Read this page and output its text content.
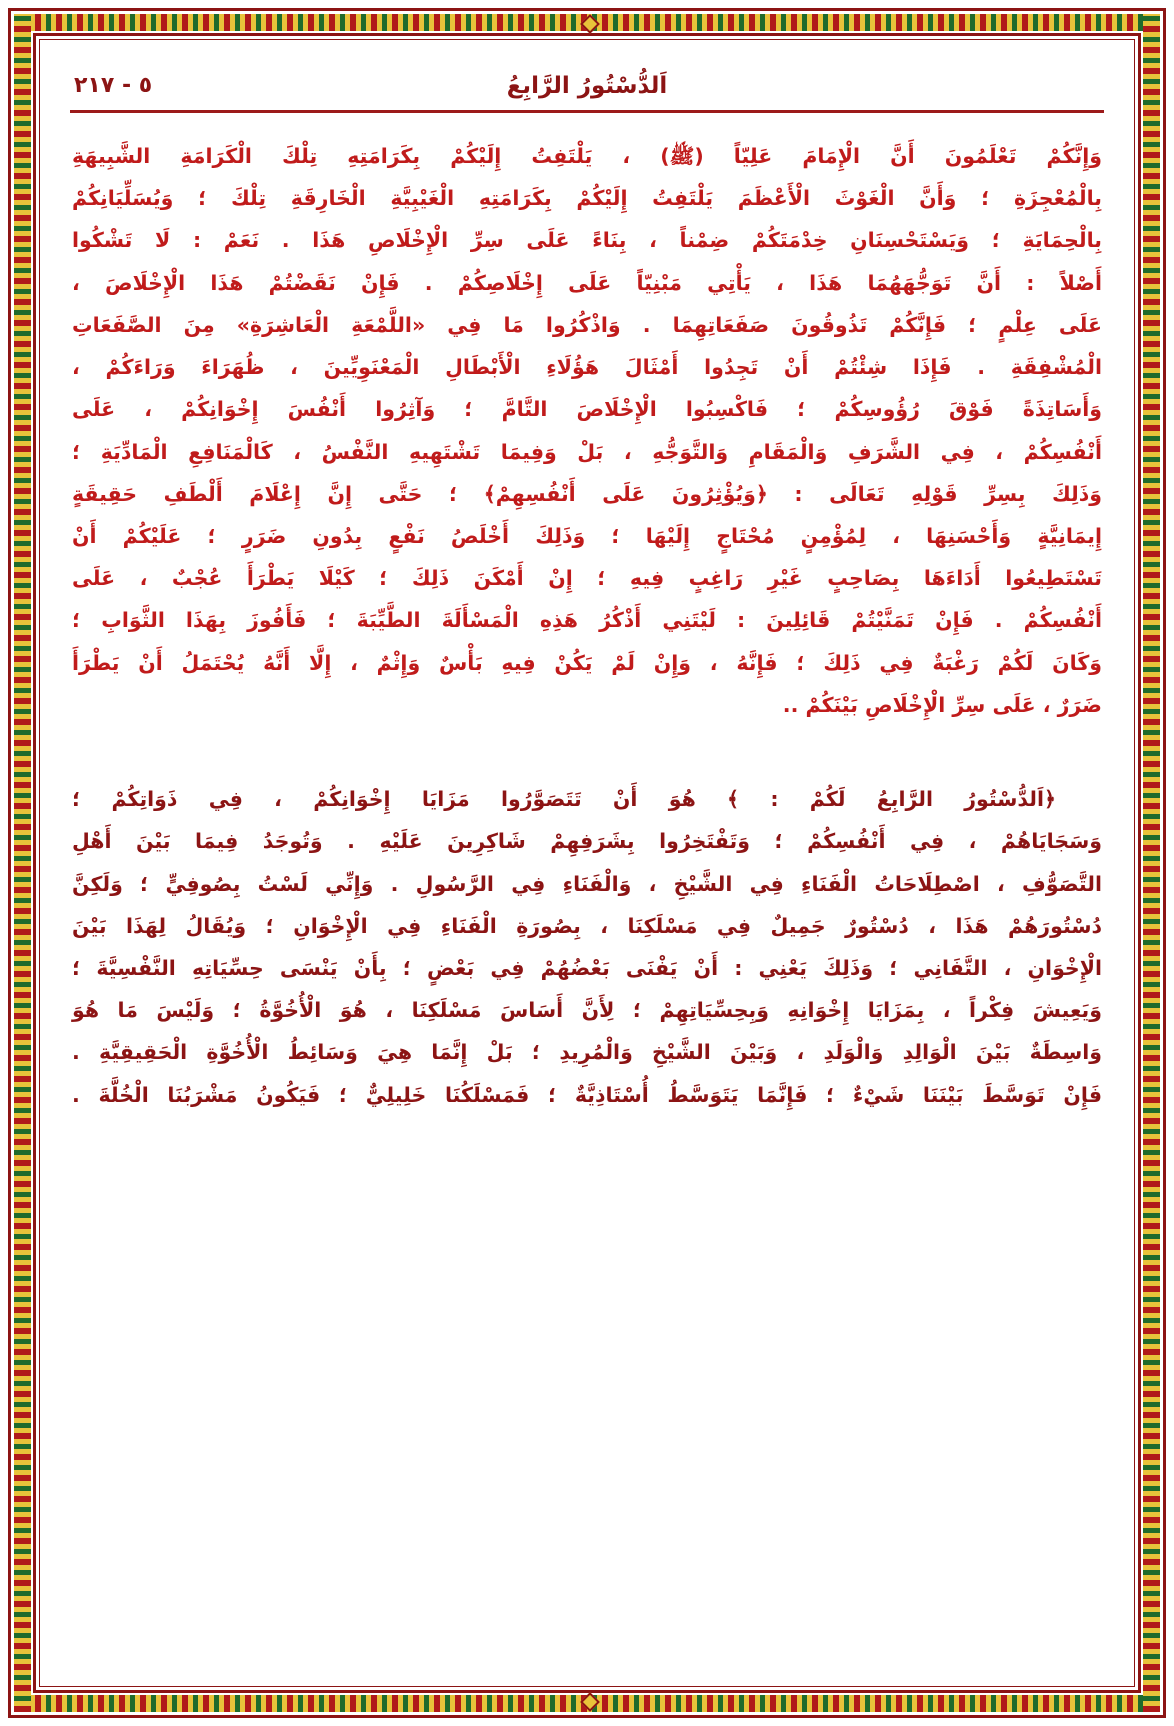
٥ - ٢١٧	اَلدُّسْتُورُ الرَّابِعُ

وَإِنَّكُمْ تَعْلَمُونَ أَنَّ الْإِمَامَ عَلِيّاً (ﷺ) ، يَلْتَفِتُ إِلَيْكُمْ بِكَرَامَتِهِ تِلْكَ الْكَرَامَةِ الشَّبِيهَةِ

بِالْمُعْجِزَةِ ؛ وَأَنَّ الْغَوْثَ الْأَعْظَمَ يَلْتَفِتُ إِلَيْكُمْ بِكَرَامَتِهِ الْغَيْبِيَّةِ الْخَارِقَةِ تِلْكَ ؛ وَيُسَلِّيَانِكُمْ

بِالْحِمَايَةِ ؛ وَيَسْتَحْسِنَانِ خِدْمَتَكُمْ ضِمْناً ، بِنَاءً عَلَى سِرِّ الْإِخْلَاصِ هَذَا . نَعَمْ : لَا تَشْكُوا

أَصْلاً : أَنَّ تَوَجُّهَهُمَا هَذَا ، يَأْتِي مَبْنِيّاً عَلَى إِخْلَاصِكُمْ . فَإِنْ نَقَضْتُمْ هَذَا الْإِخْلَاصَ ،

عَلَى عِلْمٍ ؛ فَإِنَّكُمْ تَذُوقُونَ صَفَعَاتِهِمَا . وَاذْكُرُوا مَا فِي «اللَّمْعَةِ الْعَاشِرَةِ» مِنَ الصَّفَعَاتِ

الْمُشْفِقَةِ . فَإِذَا شِئْتُمْ أَنْ تَجِدُوا أَمْثَالَ هَؤُلَاءِ الْأَبْطَالِ الْمَعْنَوِيِّينَ ، ظُهَرَاءَ وَرَاءَكُمْ ،

وَأَسَاتِذَةً فَوْقَ رُؤُوسِكُمْ ؛ فَاكْسِبُوا الْإِخْلَاصَ التَّامَّ ؛ وَآثِرُوا أَنْفُسَ إِخْوَانِكُمْ ، عَلَى

أَنْفُسِكُمْ ، فِي الشَّرَفِ وَالْمَقَامِ وَالتَّوَجُّهِ ، بَلْ وَفِيمَا تَشْتَهِيهِ النَّفْسُ ، كَالْمَنَافِعِ الْمَادِّيَةِ ؛

وَذَلِكَ بِسِرِّ قَوْلِهِ تَعَالَى : ﴿وَيُؤْثِرُونَ عَلَى أَنْفُسِهِمْ﴾ ؛ حَتَّى إِنَّ إِعْلَامَ أَلْطَفِ حَقِيقَةٍ

إِيمَانِيَّةٍ وَأَحْسَنِهَا ، لِمُؤْمِنٍ مُحْتَاجٍ إِلَيْهَا ؛ وَذَلِكَ أَخْلَصُ نَفْعٍ بِدُونِ ضَرَرٍ ؛ عَلَيْكُمْ أَنْ

تَسْتَطِيعُوا أَدَاءَهَا بِصَاحِبٍ غَيْرِ رَاغِبٍ فِيهِ ؛ إِنْ أَمْكَنَ ذَلِكَ ؛ كَيْلَا يَطْرَأَ عُجْبٌ ، عَلَى

أَنْفُسِكُمْ . فَإِنْ تَمَنَّيْتُمْ قَائِلِينَ : لَيْتَنِي أَذْكُرُ هَذِهِ الْمَسْأَلَةَ الطَّيِّبَةَ ؛ فَأَفُوزَ بِهَذَا الثَّوَابِ ؛

وَكَانَ لَكُمْ رَغْبَةٌ فِي ذَلِكَ ؛ فَإِنَّهُ ، وَإِنْ لَمْ يَكُنْ فِيهِ بَأْسٌ وَإِثْمٌ ، إِلَّا أَنَّهُ يُحْتَمَلُ أَنْ يَطْرَأَ

ضَرَرٌ ، عَلَى سِرِّ الْإِخْلَاصِ بَيْنَكُمْ ..

﴿اَلدُّسْتُورُ الرَّابِعُ لَكُمْ : ﴾ هُوَ أَنْ تَتَصَوَّرُوا مَزَايَا إِخْوَانِكُمْ ، فِي ذَوَاتِكُمْ ؛

وَسَجَايَاهُمْ ، فِي أَنْفُسِكُمْ ؛ وَتَفْتَخِرُوا بِشَرَفِهِمْ شَاكِرِينَ عَلَيْهِ . وَتُوجَدُ فِيمَا بَيْنَ أَهْلِ

التَّصَوُّفِ ، اصْطِلَاحَاتُ الْفَنَاءِ فِي الشَّيْخِ ، وَالْفَنَاءِ فِي الرَّسُولِ . وَإِنِّي لَسْتُ بِصُوفِيٍّ ؛ وَلَكِنَّ

دُسْتُورَهُمْ هَذَا ، دُسْتُورٌ جَمِيلٌ فِي مَسْلَكِنَا ، بِصُورَةِ الْفَنَاءِ فِي الْإِخْوَانِ ؛ وَيُقَالُ لِهَذَا بَيْنَ

الْإِخْوَانِ ، التَّفَانِي ؛ وَذَلِكَ يَعْنِي : أَنْ يَفْنَى بَعْضُهُمْ فِي بَعْضٍ ؛ بِأَنْ يَنْسَى حِسِّيَاتِهِ النَّفْسِيَّةَ ؛

وَيَعِيشَ فِكْراً ، بِمَزَايَا إِخْوَانِهِ وَبِحِسِّيَاتِهِمْ ؛ لِأَنَّ أَسَاسَ مَسْلَكِنَا ، هُوَ الْأُخُوَّةُ ؛ وَلَيْسَ مَا هُوَ

وَاسِطَةٌ بَيْنَ الْوَالِدِ وَالْوَلَدِ ، وَبَيْنَ الشَّيْخِ وَالْمُرِيدِ ؛ بَلْ إِنَّمَا هِيَ وَسَائِطُ الْأُخُوَّةِ الْحَقِيقِيَّةِ .

فَإِنْ تَوَسَّطَ بَيْنَنَا شَيْءٌ ؛ فَإِنَّمَا يَتَوَسَّطُ أُسْتَاذِيَّةٌ ؛ فَمَسْلَكُنَا خَلِيلِيٌّ ؛ فَيَكُونُ مَشْرَبُنَا الْخُلَّةَ .
